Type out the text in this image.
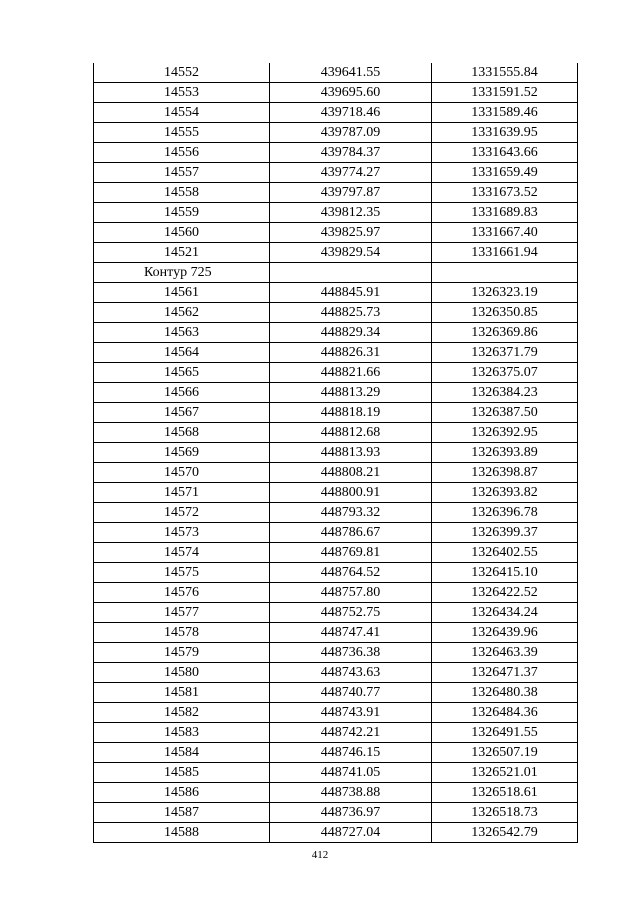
14552	439641.55	1331555.84
14553	439695.60	1331591.52
14554	439718.46	1331589.46
14555	439787.09	1331639.95
14556	439784.37	1331643.66
14557	439774.27	1331659.49
14558	439797.87	1331673.52
14559	439812.35	1331689.83
14560	439825.97	1331667.40
14521	439829.54	1331661.94
Контур 725		
14561	448845.91	1326323.19
14562	448825.73	1326350.85
14563	448829.34	1326369.86
14564	448826.31	1326371.79
14565	448821.66	1326375.07
14566	448813.29	1326384.23
14567	448818.19	1326387.50
14568	448812.68	1326392.95
14569	448813.93	1326393.89
14570	448808.21	1326398.87
14571	448800.91	1326393.82
14572	448793.32	1326396.78
14573	448786.67	1326399.37
14574	448769.81	1326402.55
14575	448764.52	1326415.10
14576	448757.80	1326422.52
14577	448752.75	1326434.24
14578	448747.41	1326439.96
14579	448736.38	1326463.39
14580	448743.63	1326471.37
14581	448740.77	1326480.38
14582	448743.91	1326484.36
14583	448742.21	1326491.55
14584	448746.15	1326507.19
14585	448741.05	1326521.01
14586	448738.88	1326518.61
14587	448736.97	1326518.73
14588	448727.04	1326542.79
412
